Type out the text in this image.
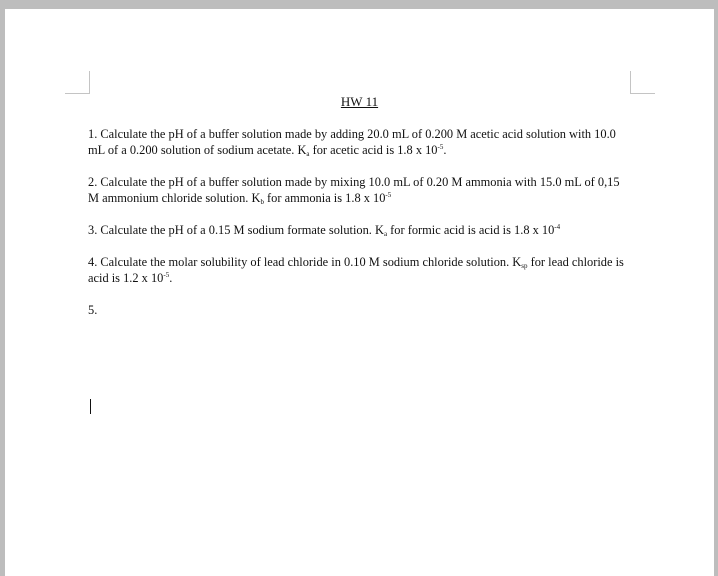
HW 11
1. Calculate the pH of a buffer solution made by adding 20.0 mL of 0.200 M acetic acid solution with 10.0 mL of a 0.200 solution of sodium acetate. $K_a$ for acetic acid is 1.8 x $10^{-5}$.
2. Calculate the pH of a buffer solution made by mixing 10.0 mL of 0.20 M ammonia with 15.0 mL of 0,15 M ammonium chloride solution. $K_b$ for ammonia is 1.8 x $10^{-5}$
3. Calculate the pH of a 0.15 M sodium formate solution. $K_a$ for formic acid is acid is 1.8 x $10^{-4}$
4. Calculate the molar solubility of lead chloride in 0.10 M sodium chloride solution. $K_{sp}$ for lead chloride is acid is 1.2 x $10^{-5}$.
5.
